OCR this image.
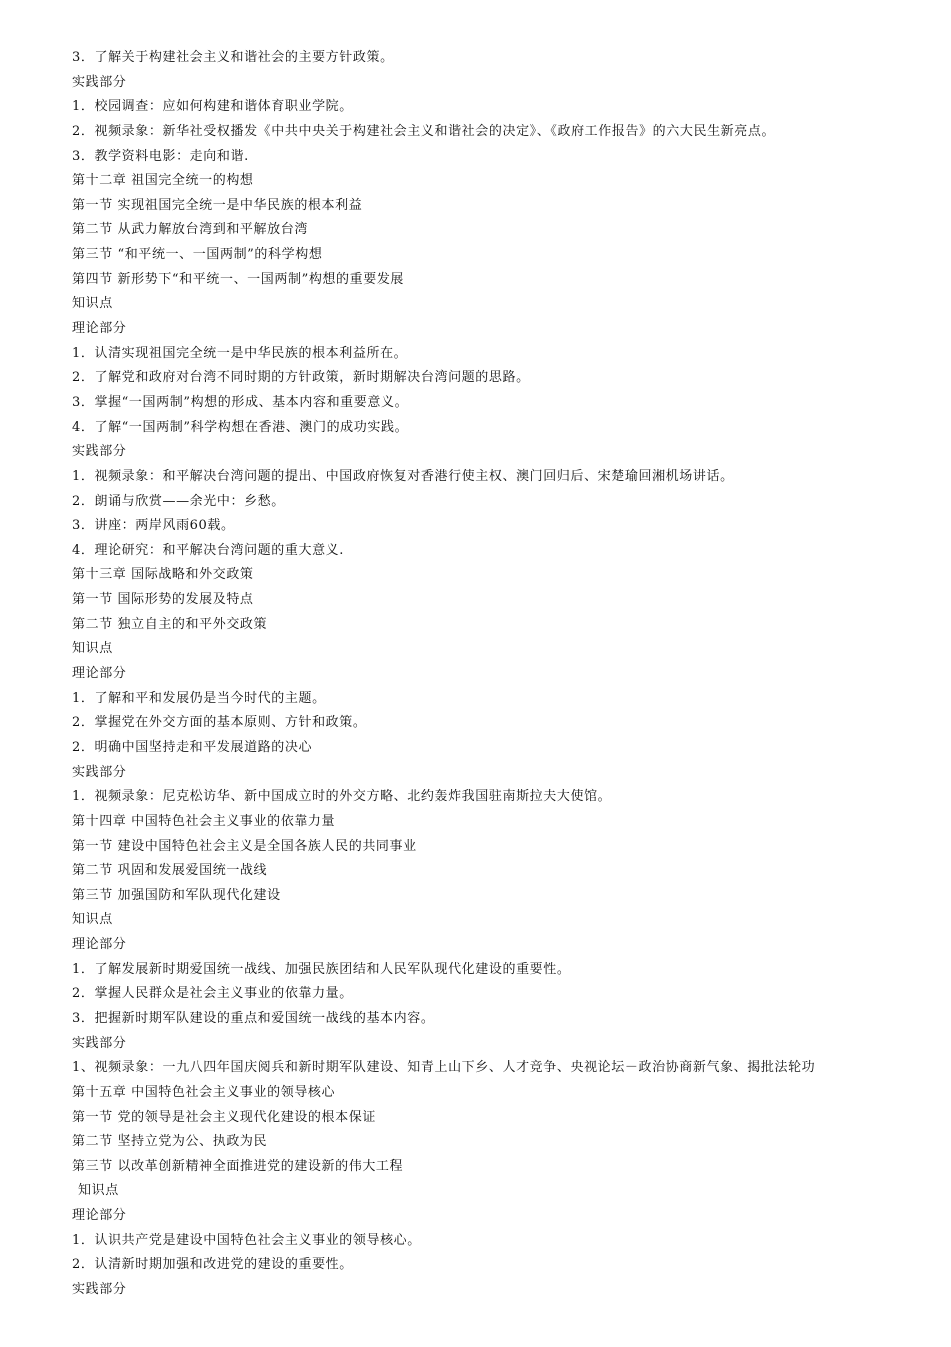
3．了解关于构建社会主义和谐社会的主要方针政策。
实践部分
1．校园调查：应如何构建和谐体育职业学院。
2．视频录象：新华社受权播发《中共中央关于构建社会主义和谐社会的决定》、《政府工作报告》的六大民生新亮点。
3．教学资料电影：走向和谐.
第十二章 祖国完全统一的构想
第一节 实现祖国完全统一是中华民族的根本利益
第二节 从武力解放台湾到和平解放台湾
第三节 “和平统一、一国两制”的科学构想
第四节 新形势下“和平统一、一国两制”构想的重要发展
知识点
理论部分
1．认清实现祖国完全统一是中华民族的根本利益所在。
2．了解党和政府对台湾不同时期的方针政策，新时期解决台湾问题的思路。
3．掌握“一国两制”构想的形成、基本内容和重要意义。
4．了解“一国两制”科学构想在香港、澳门的成功实践。
实践部分
1．视频录象：和平解决台湾问题的提出、中国政府恢复对香港行使主权、澳门回归后、宋楚瑜回湘机场讲话。
2．朗诵与欣赏——余光中：乡愁。
3．讲座：两岸风雨60载。
4．理论研究：和平解决台湾问题的重大意义.
第十三章 国际战略和外交政策
第一节 国际形势的发展及特点
第二节 独立自主的和平外交政策
知识点
理论部分
1．了解和平和发展仍是当今时代的主题。
2．掌握党在外交方面的基本原则、方针和政策。
2．明确中国坚持走和平发展道路的决心
实践部分
1．视频录象：尼克松访华、新中国成立时的外交方略、北约轰炸我国驻南斯拉夫大使馆。
第十四章 中国特色社会主义事业的依靠力量
第一节 建设中国特色社会主义是全国各族人民的共同事业
第二节 巩固和发展爱国统一战线
第三节 加强国防和军队现代化建设
知识点
理论部分
1．了解发展新时期爱国统一战线、加强民族团结和人民军队现代化建设的重要性。
2．掌握人民群众是社会主义事业的依靠力量。
3．把握新时期军队建设的重点和爱国统一战线的基本内容。
实践部分
1、视频录象：一九八四年国庆阅兵和新时期军队建设、知青上山下乡、人才竞争、央视论坛－政治协商新气象、揭批法轮功
第十五章 中国特色社会主义事业的领导核心
第一节 党的领导是社会主义现代化建设的根本保证
第二节 坚持立党为公、执政为民
第三节 以改革创新精神全面推进党的建设新的伟大工程
知识点
理论部分
1．认识共产党是建设中国特色社会主义事业的领导核心。
2．认清新时期加强和改进党的建设的重要性。
实践部分
